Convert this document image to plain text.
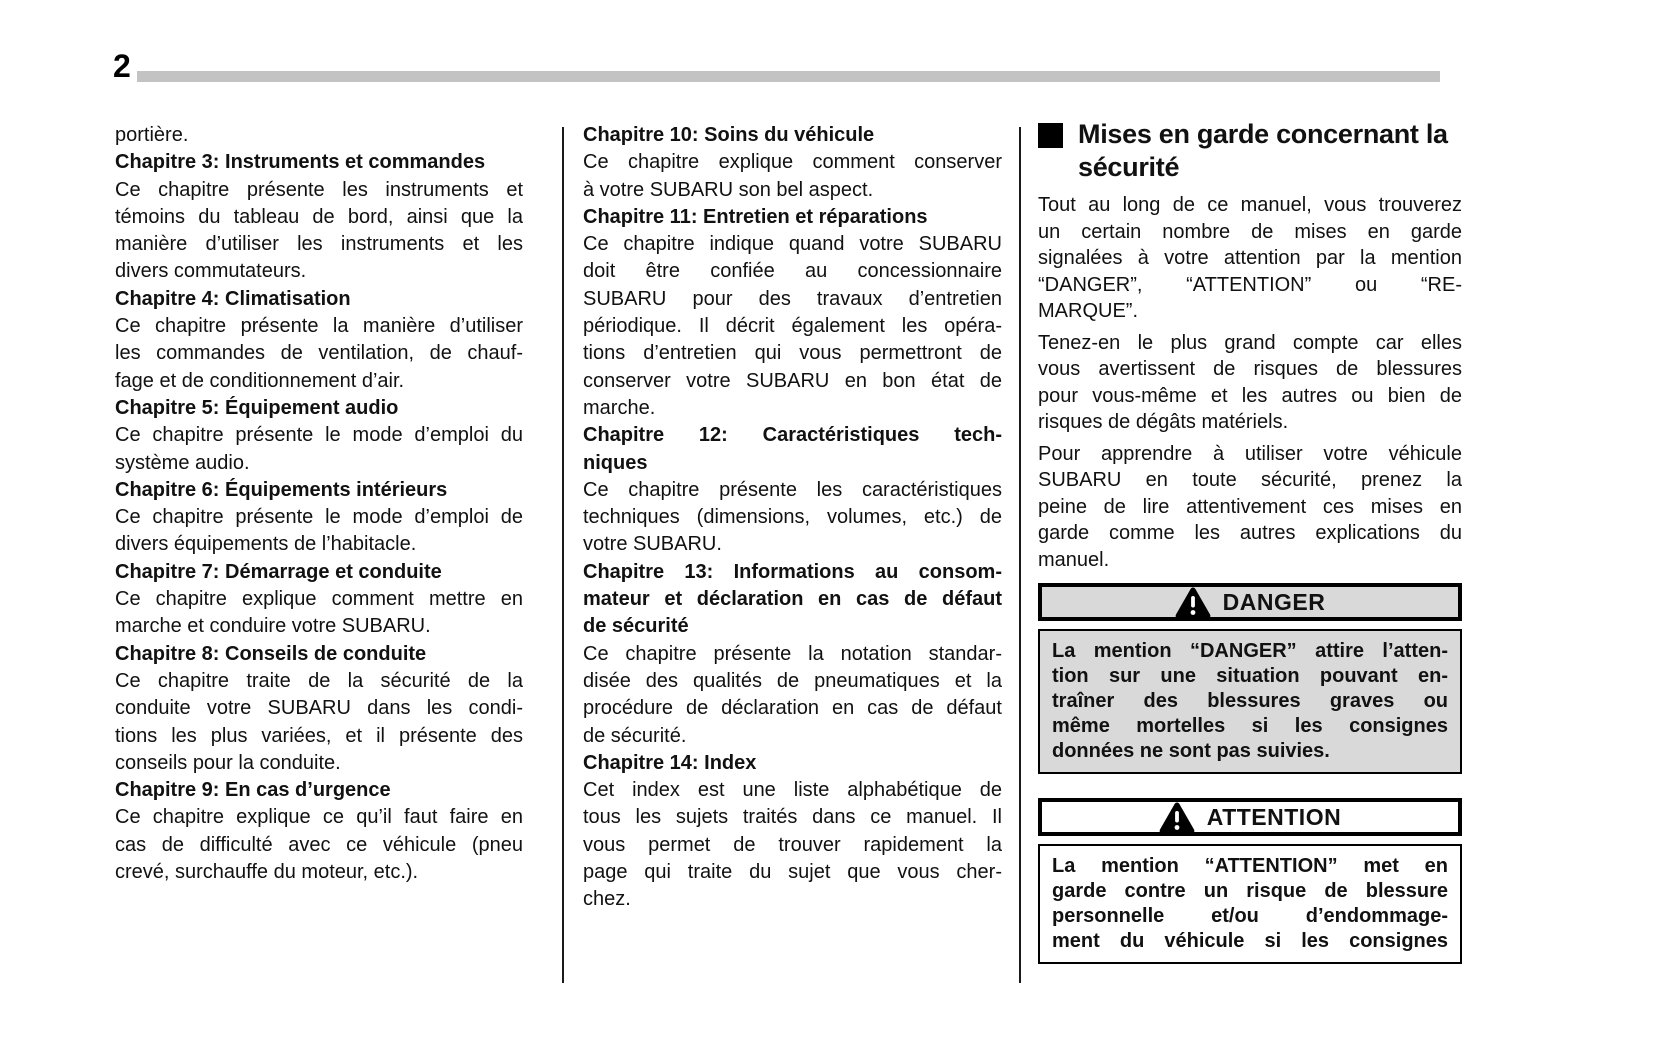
2
portière.
Chapitre 3: Instruments et commandes
Ce chapitre présente les instruments et
témoins du tableau de bord, ainsi que la
manière d’utiliser les instruments et les
divers commutateurs.
Chapitre 4: Climatisation
Ce chapitre présente la manière d’utiliser
les commandes de ventilation, de chauf-
fage et de conditionnement d’air.
Chapitre 5: Équipement audio
Ce chapitre présente le mode d’emploi du
système audio.
Chapitre 6: Équipements intérieurs
Ce chapitre présente le mode d’emploi de
divers équipements de l’habitacle.
Chapitre 7: Démarrage et conduite
Ce chapitre explique comment mettre en
marche et conduire votre SUBARU.
Chapitre 8: Conseils de conduite
Ce chapitre traite de la sécurité de la
conduite votre SUBARU dans les condi-
tions les plus variées, et il présente des
conseils pour la conduite.
Chapitre 9: En cas d’urgence
Ce chapitre explique ce qu’il faut faire en
cas de difficulté avec ce véhicule (pneu
crevé, surchauffe du moteur, etc.).
Chapitre 10: Soins du véhicule
Ce chapitre explique comment conserver
à votre SUBARU son bel aspect.
Chapitre 11: Entretien et réparations
Ce chapitre indique quand votre SUBARU
doit être confiée au concessionnaire
SUBARU pour des travaux d’entretien
périodique. Il décrit également les opéra-
tions d’entretien qui vous permettront de
conserver votre SUBARU en bon état de
marche.
Chapitre 12: Caractéristiques tech-
niques
Ce chapitre présente les caractéristiques
techniques (dimensions, volumes, etc.) de
votre SUBARU.
Chapitre 13: Informations au consom-
mateur et déclaration en cas de défaut
de sécurité
Ce chapitre présente la notation standar-
disée des qualités de pneumatiques et la
procédure de déclaration en cas de défaut
de sécurité.
Chapitre 14: Index
Cet index est une liste alphabétique de
tous les sujets traités dans ce manuel. Il
vous permet de trouver rapidement la
page qui traite du sujet que vous cher-
chez.
Mises en garde concernant la
sécurité
Tout au long de ce manuel, vous trouverez
un certain nombre de mises en garde
signalées à votre attention par la mention
“DANGER”, “ATTENTION” ou “RE-
MARQUE”.
Tenez-en le plus grand compte car elles
vous avertissent de risques de blessures
pour vous-même et les autres ou bien de
risques de dégâts matériels.
Pour apprendre à utiliser votre véhicule
SUBARU en toute sécurité, prenez la
peine de lire attentivement ces mises en
garde comme les autres explications du
manuel.
DANGER
La mention “DANGER” attire l’atten-
tion sur une situation pouvant en-
traîner des blessures graves ou
même mortelles si les consignes
données ne sont pas suivies.
ATTENTION
La mention “ATTENTION” met en
garde contre un risque de blessure
personnelle et/ou d’endommage-
ment du véhicule si les consignes
